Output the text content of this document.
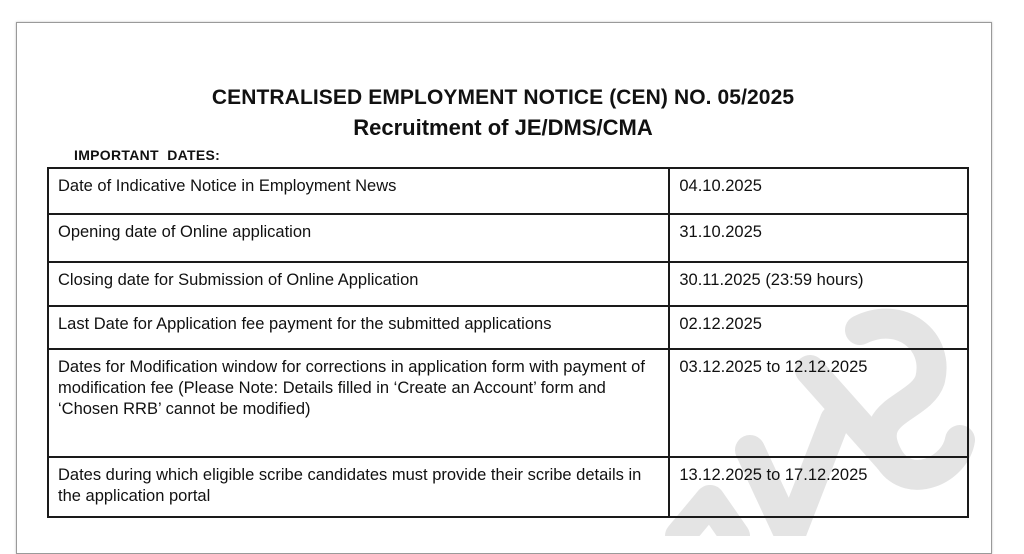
CENTRALISED EMPLOYMENT NOTICE (CEN) NO. 05/2025
Recruitment of JE/DMS/CMA
IMPORTANT  DATES:
Date of Indicative Notice in Employment News	04.10.2025
Opening date of Online application	31.10.2025
Closing date for Submission of Online Application	30.11.2025 (23:59 hours)
Last Date for Application fee payment for the submitted applications	02.12.2025
Dates for Modification window for corrections in application form with payment of modification fee (Please Note: Details filled in ‘Create an Account’ form and ‘Chosen RRB’ cannot be modified)	03.12.2025 to 12.12.2025
Dates during which eligible scribe candidates must provide their scribe details in the application portal	13.12.2025 to 17.12.2025
